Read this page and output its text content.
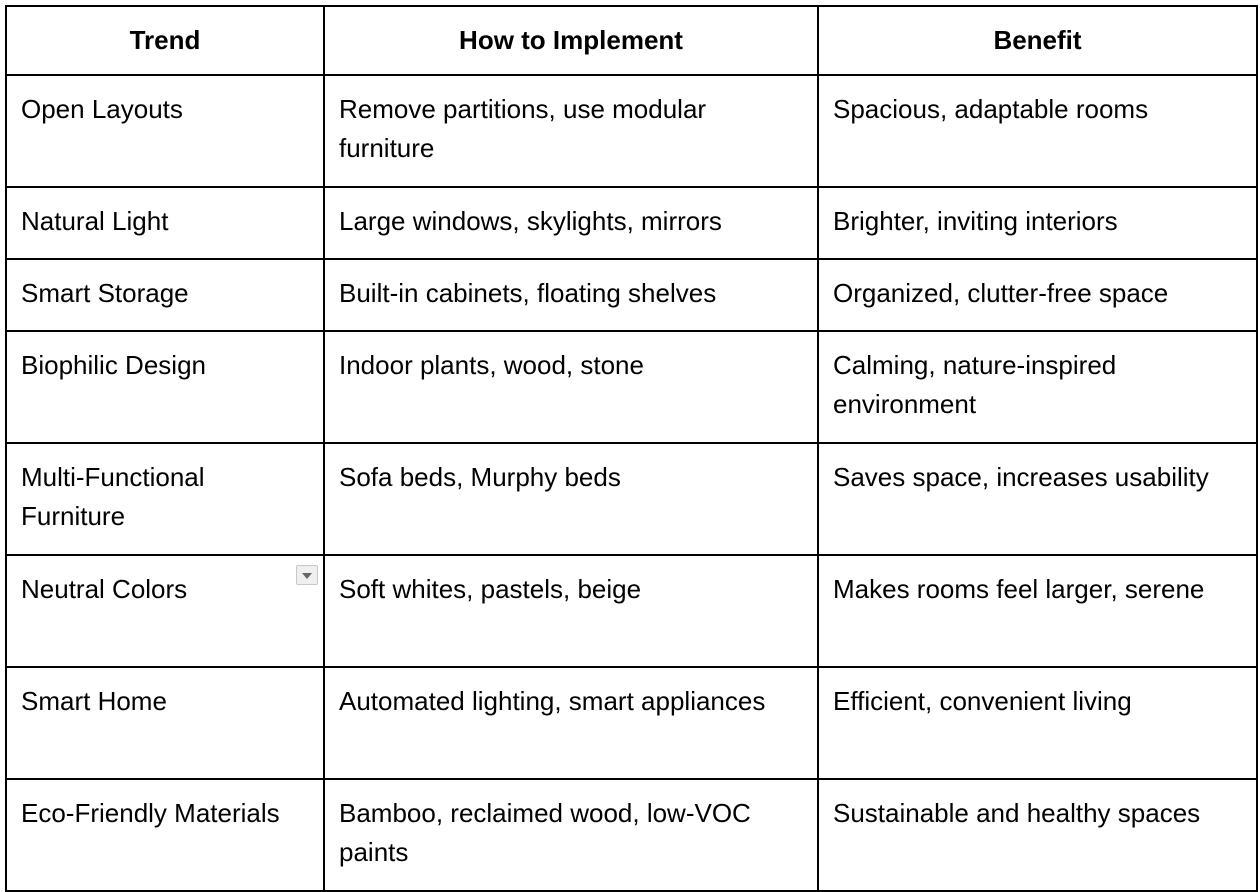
Trend	How to Implement	Benefit
Open Layouts	Remove partitions, use modular furniture	Spacious, adaptable rooms
Natural Light	Large windows, skylights, mirrors	Brighter, inviting interiors
Smart Storage	Built-in cabinets, floating shelves	Organized, clutter-free space
Biophilic Design	Indoor plants, wood, stone	Calming, nature-inspired environment
Multi-Functional Furniture	Sofa beds, Murphy beds	Saves space, increases usability
Neutral Colors	Soft whites, pastels, beige	Makes rooms feel larger, serene
Smart Home	Automated lighting, smart appliances	Efficient, convenient living
Eco-Friendly Materials	Bamboo, reclaimed wood, low-VOC paints	Sustainable and healthy spaces
